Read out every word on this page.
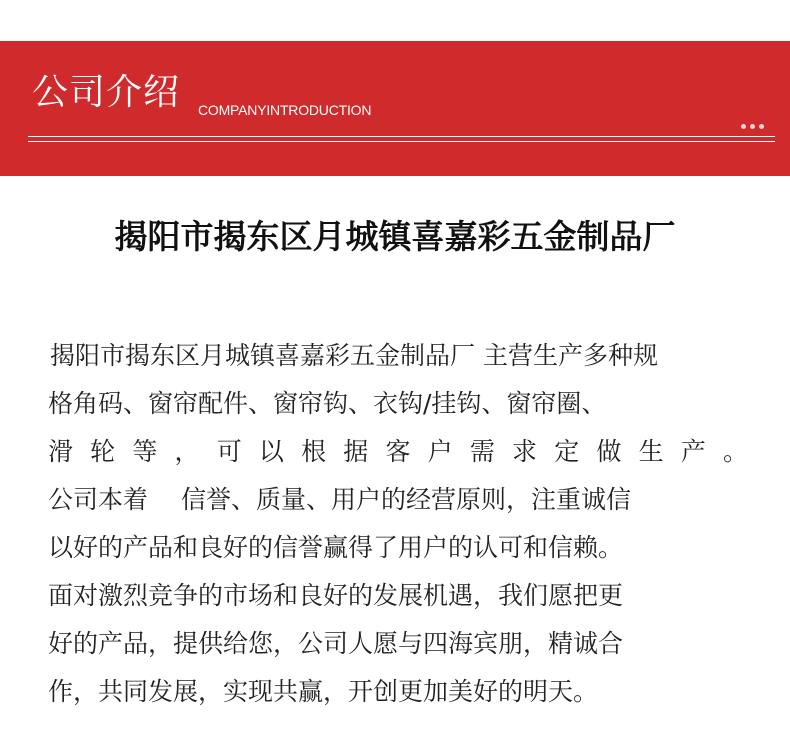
公司介绍 COMPANYINTRODUCTION
揭阳市揭东区月城镇喜嘉彩五金制品厂
揭阳市揭东区月城镇喜嘉彩五金制品厂 主营生产多种规
格角码、窗帘配件、窗帘钩、衣钩/挂钩、窗帘圈、
滑轮等，可以根据客户需求定做生产。
公司本着　 信誉、质量、用户的经营原则，注重诚信
以好的产品和良好的信誉赢得了用户的认可和信赖。
面对激烈竞争的市场和良好的发展机遇，我们愿把更
好的产品，提供给您，公司人愿与四海宾朋，精诚合
作，共同发展，实现共赢，开创更加美好的明天。
